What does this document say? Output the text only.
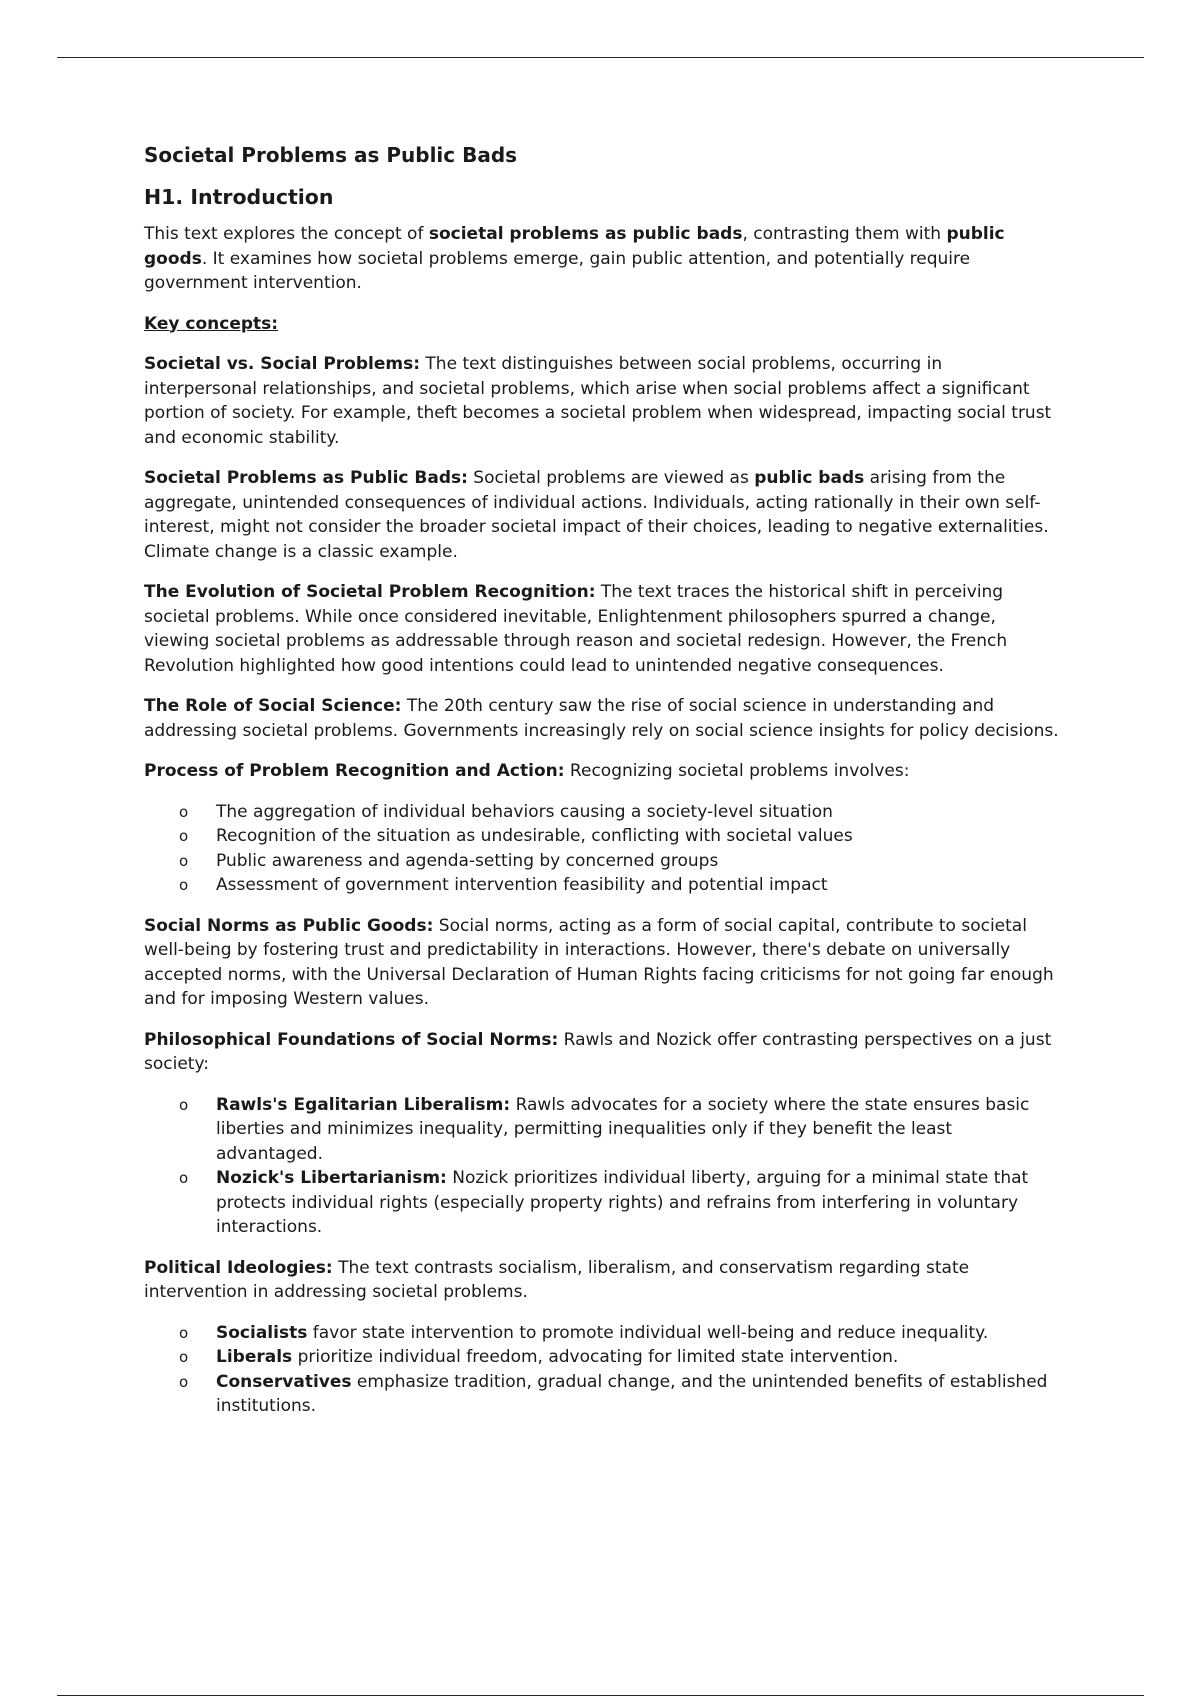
Societal Problems as Public Bads
H1. Introduction

This text explores the concept of societal problems as public bads, contrasting them with public goods. It examines how societal problems emerge, gain public attention, and potentially require government intervention.

Key concepts:

Societal vs. Social Problems: The text distinguishes between social problems, occurring in interpersonal relationships, and societal problems, which arise when social problems affect a significant portion of society. For example, theft becomes a societal problem when widespread, impacting social trust and economic stability.

Societal Problems as Public Bads: Societal problems are viewed as public bads arising from the aggregate, unintended consequences of individual actions. Individuals, acting rationally in their own self-interest, might not consider the broader societal impact of their choices, leading to negative externalities. Climate change is a classic example.

The Evolution of Societal Problem Recognition: The text traces the historical shift in perceiving societal problems. While once considered inevitable, Enlightenment philosophers spurred a change, viewing societal problems as addressable through reason and societal redesign. However, the French Revolution highlighted how good intentions could lead to unintended negative consequences.

The Role of Social Science: The 20th century saw the rise of social science in understanding and addressing societal problems. Governments increasingly rely on social science insights for policy decisions.

Process of Problem Recognition and Action: Recognizing societal problems involves:

o The aggregation of individual behaviors causing a society-level situation
o Recognition of the situation as undesirable, conflicting with societal values
o Public awareness and agenda-setting by concerned groups
o Assessment of government intervention feasibility and potential impact

Social Norms as Public Goods: Social norms, acting as a form of social capital, contribute to societal well-being by fostering trust and predictability in interactions. However, there's debate on universally accepted norms, with the Universal Declaration of Human Rights facing criticisms for not going far enough and for imposing Western values.

Philosophical Foundations of Social Norms: Rawls and Nozick offer contrasting perspectives on a just society:

o Rawls's Egalitarian Liberalism: Rawls advocates for a society where the state ensures basic liberties and minimizes inequality, permitting inequalities only if they benefit the least advantaged.
o Nozick's Libertarianism: Nozick prioritizes individual liberty, arguing for a minimal state that protects individual rights (especially property rights) and refrains from interfering in voluntary interactions.

Political Ideologies: The text contrasts socialism, liberalism, and conservatism regarding state intervention in addressing societal problems.

o Socialists favor state intervention to promote individual well-being and reduce inequality.
o Liberals prioritize individual freedom, advocating for limited state intervention.
o Conservatives emphasize tradition, gradual change, and the unintended benefits of established institutions.
